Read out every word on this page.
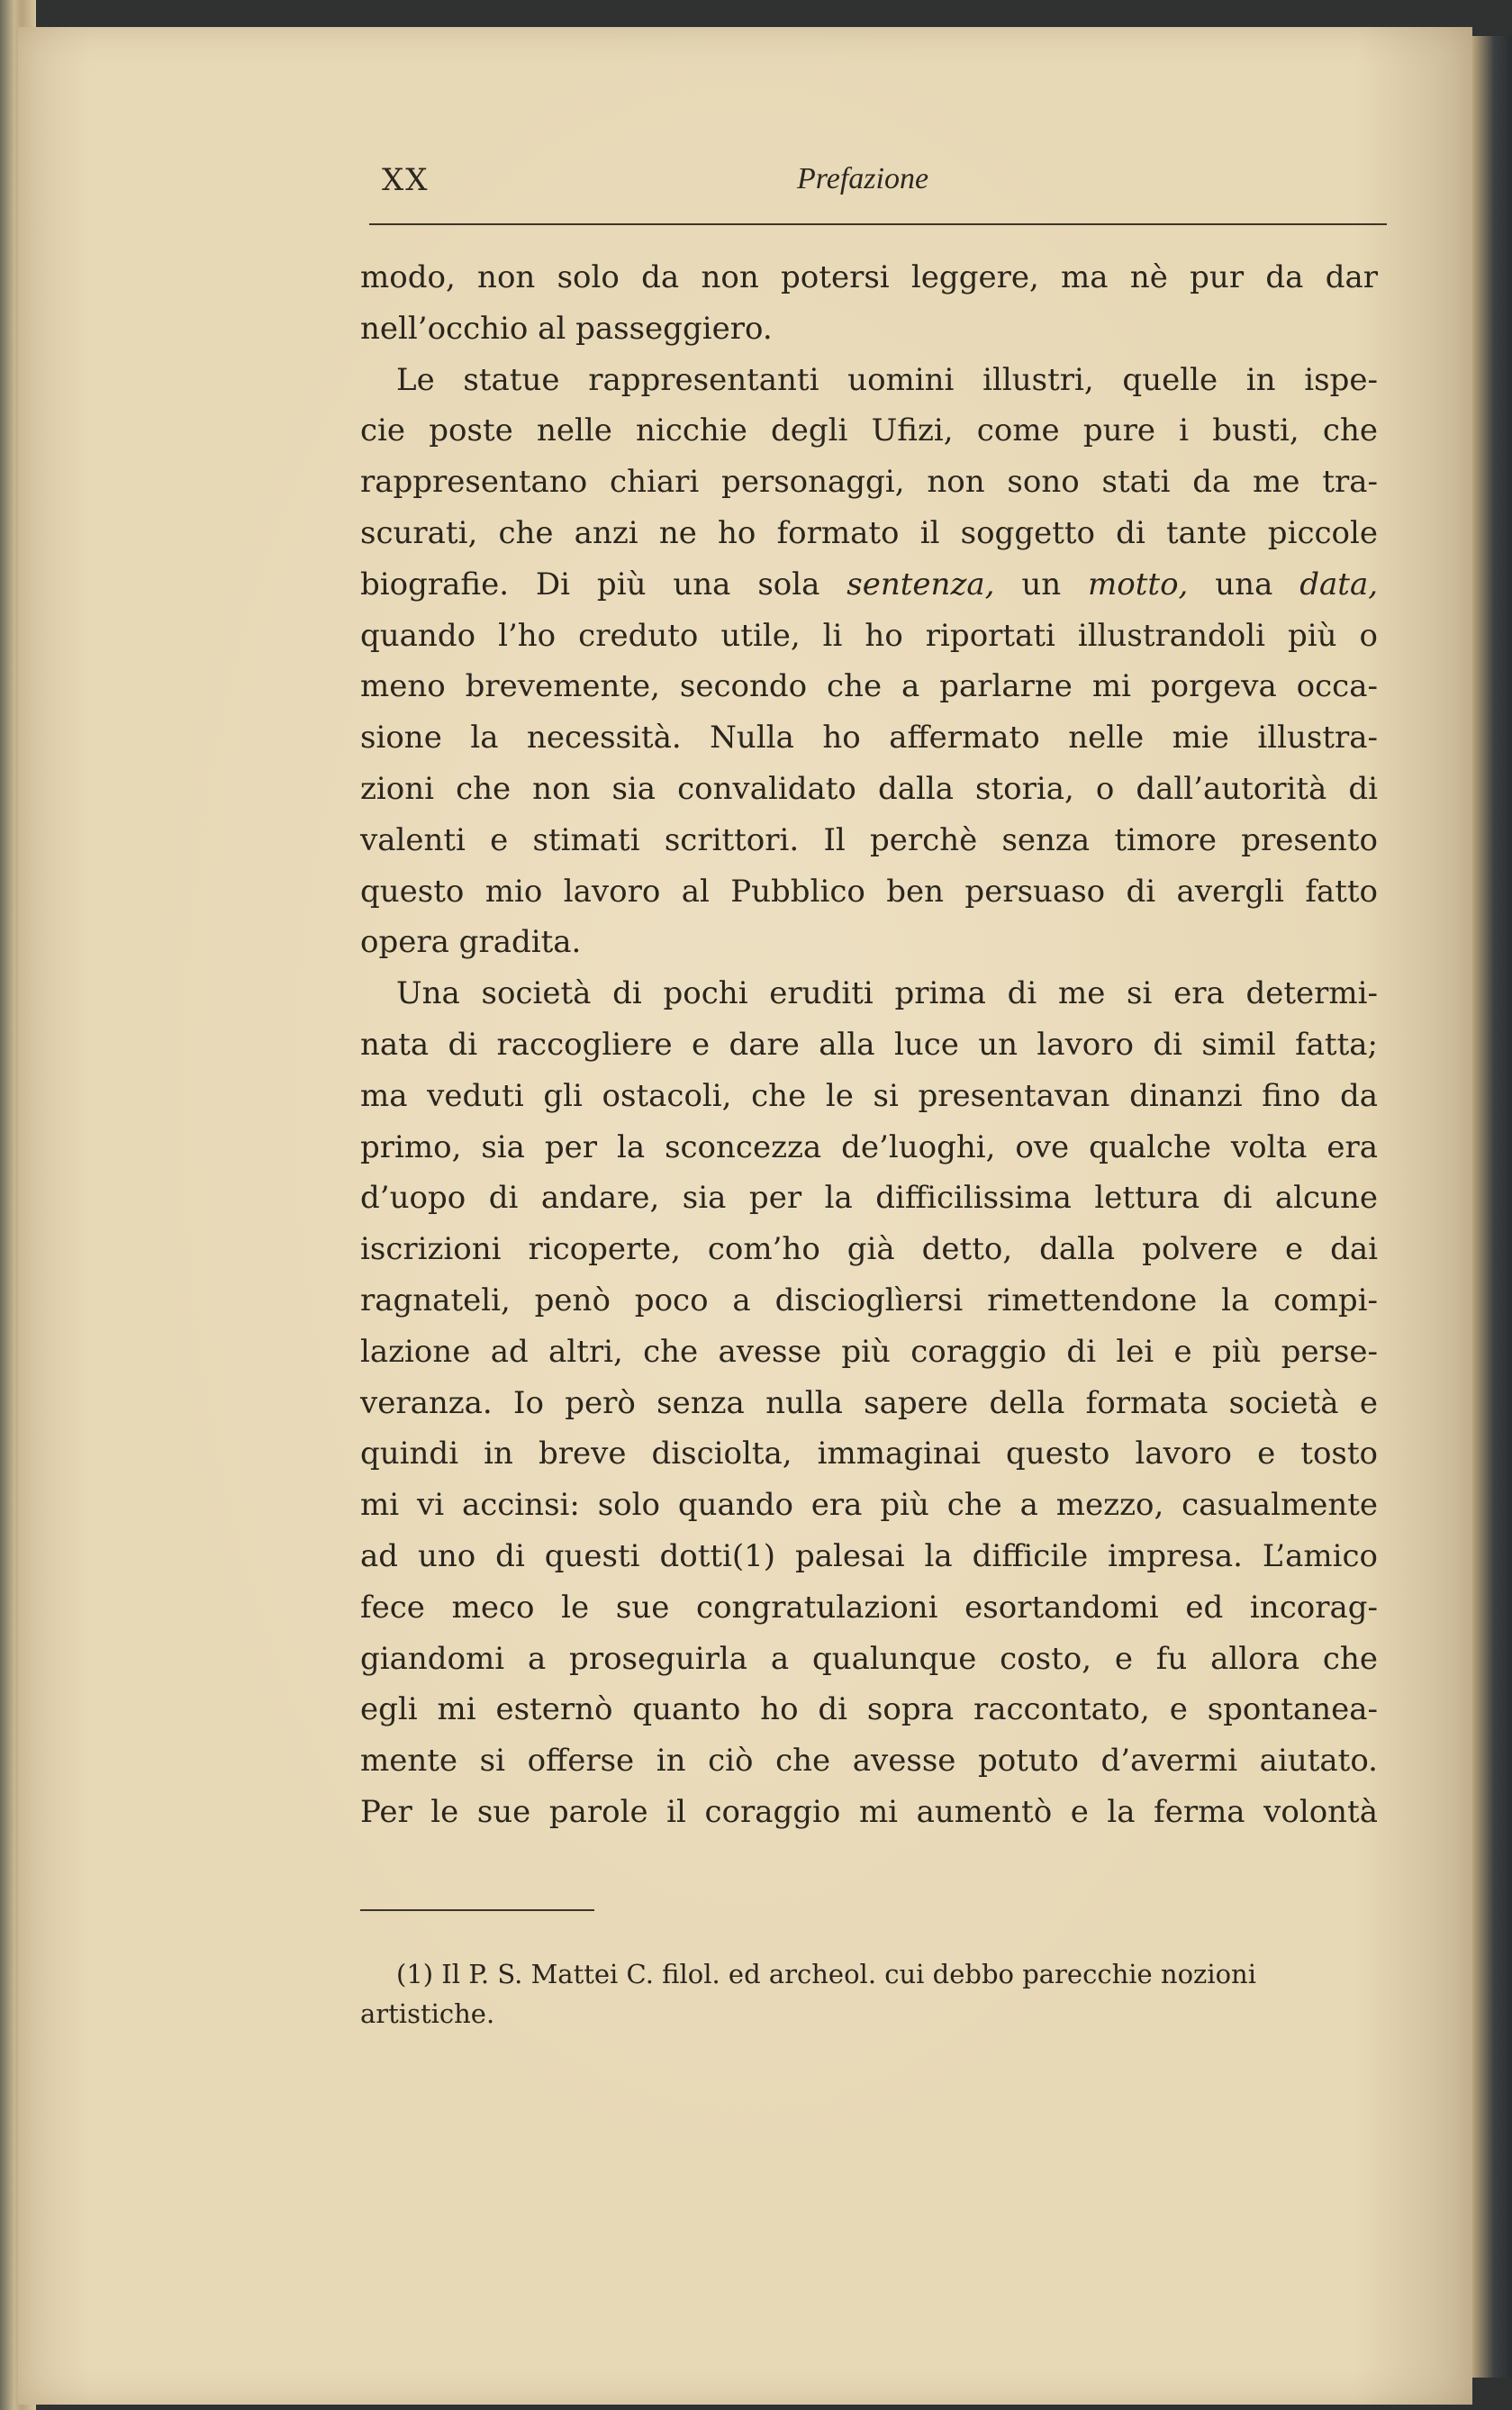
XX	Prefazione

modo, non solo da non potersi leggere, ma nè pur da dar
nell’occhio al passeggiero.

Le statue rappresentanti uomini illustri, quelle in ispe-
cie poste nelle nicchie degli Ufizi, come pure i busti, che
rappresentano chiari personaggi, non sono stati da me tra-
scurati, che anzi ne ho formato il soggetto di tante piccole
biografie. Di più una sola sentenza, un motto, una data,
quando l’ho creduto utile, li ho riportati illustrandoli più o
meno brevemente, secondo che a parlarne mi porgeva occa-
sione la necessità. Nulla ho affermato nelle mie illustra-
zioni che non sia convalidato dalla storia, o dall’autorità di
valenti e stimati scrittori. Il perchè senza timore presento
questo mio lavoro al Pubblico ben persuaso di avergli fatto
opera gradita.

Una società di pochi eruditi prima di me si era determi-
nata di raccogliere e dare alla luce un lavoro di simil fatta;
ma veduti gli ostacoli, che le si presentavan dinanzi fino da
primo, sia per la sconcezza de’luoghi, ove qualche volta era
d’uopo di andare, sia per la difficilissima lettura di alcune
iscrizioni ricoperte, com’ho già detto, dalla polvere e dai
ragnateli, penò poco a discioglìersi rimettendone la compi-
lazione ad altri, che avesse più coraggio di lei e più perse-
veranza. Io però senza nulla sapere della formata società e
quindi in breve disciolta, immaginai questo lavoro e tosto
mi vi accinsi: solo quando era più che a mezzo, casualmente
ad uno di questi dotti(1) palesai la difficile impresa. L’amico
fece meco le sue congratulazioni esortandomi ed incorag-
giandomi a proseguirla a qualunque costo, e fu allora che
egli mi esternò quanto ho di sopra raccontato, e spontanea-
mente si offerse in ciò che avesse potuto d’avermi aiutato.
Per le sue parole il coraggio mi aumentò e la ferma volontà

(1) Il P. S. Mattei C. filol. ed archeol. cui debbo parecchie nozioni
artistiche.
